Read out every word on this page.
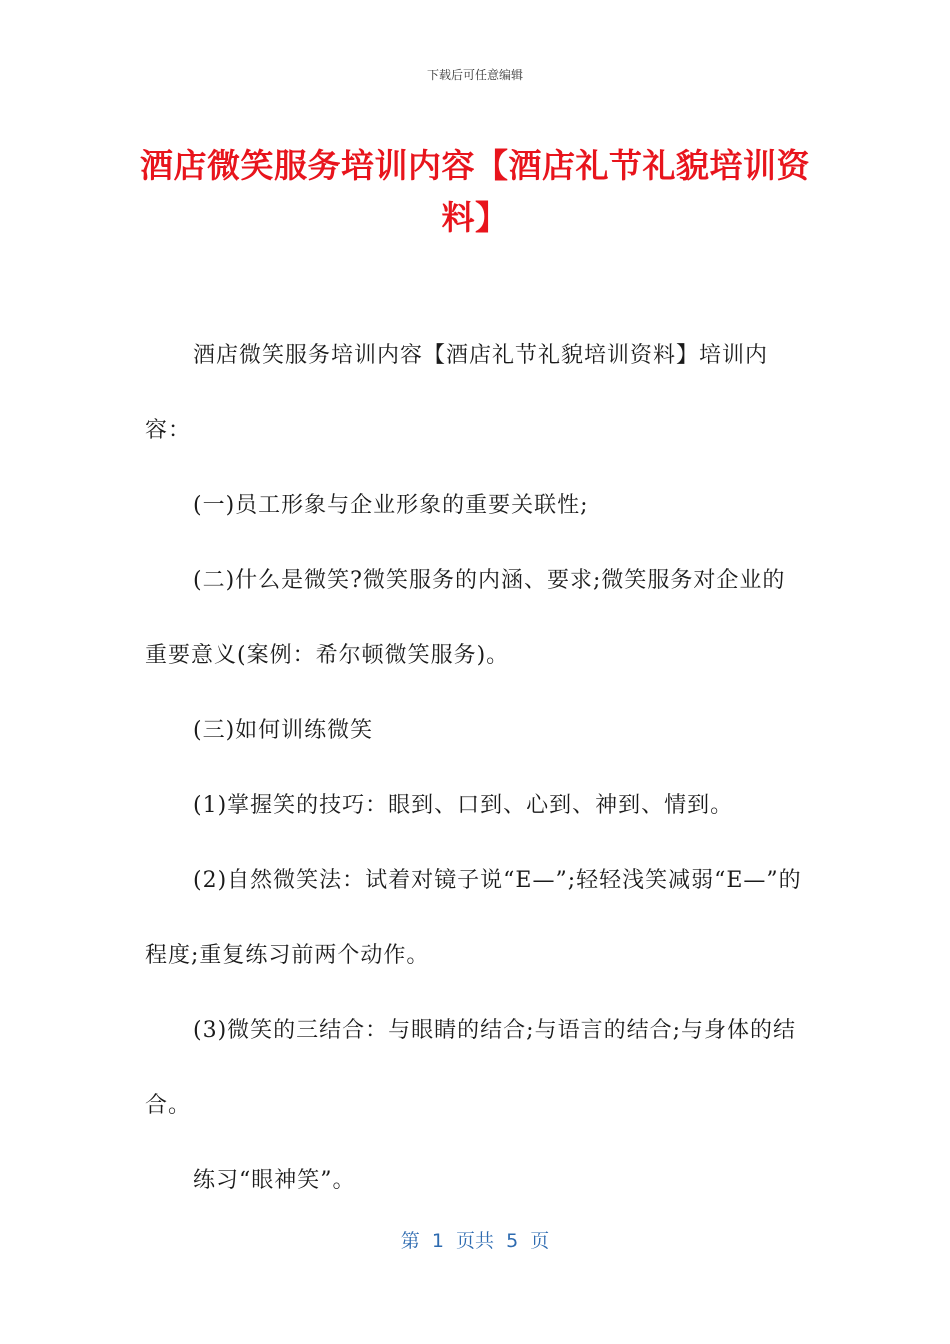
下载后可任意编辑
酒店微笑服务培训内容【酒店礼节礼貌培训资料】

酒店微笑服务培训内容【酒店礼节礼貌培训资料】培训内容：

(一)员工形象与企业形象的重要关联性;

(二)什么是微笑?微笑服务的内涵、要求;微笑服务对企业的重要意义(案例：希尔顿微笑服务)。

(三)如何训练微笑

(1)掌握笑的技巧：眼到、口到、心到、神到、情到。

(2)自然微笑法：试着对镜子说“E—”;轻轻浅笑减弱“E—”的程度;重复练习前两个动作。

(3)微笑的三结合：与眼睛的结合;与语言的结合;与身体的结合。

练习“眼神笑”。

第  1  页共  5  页
